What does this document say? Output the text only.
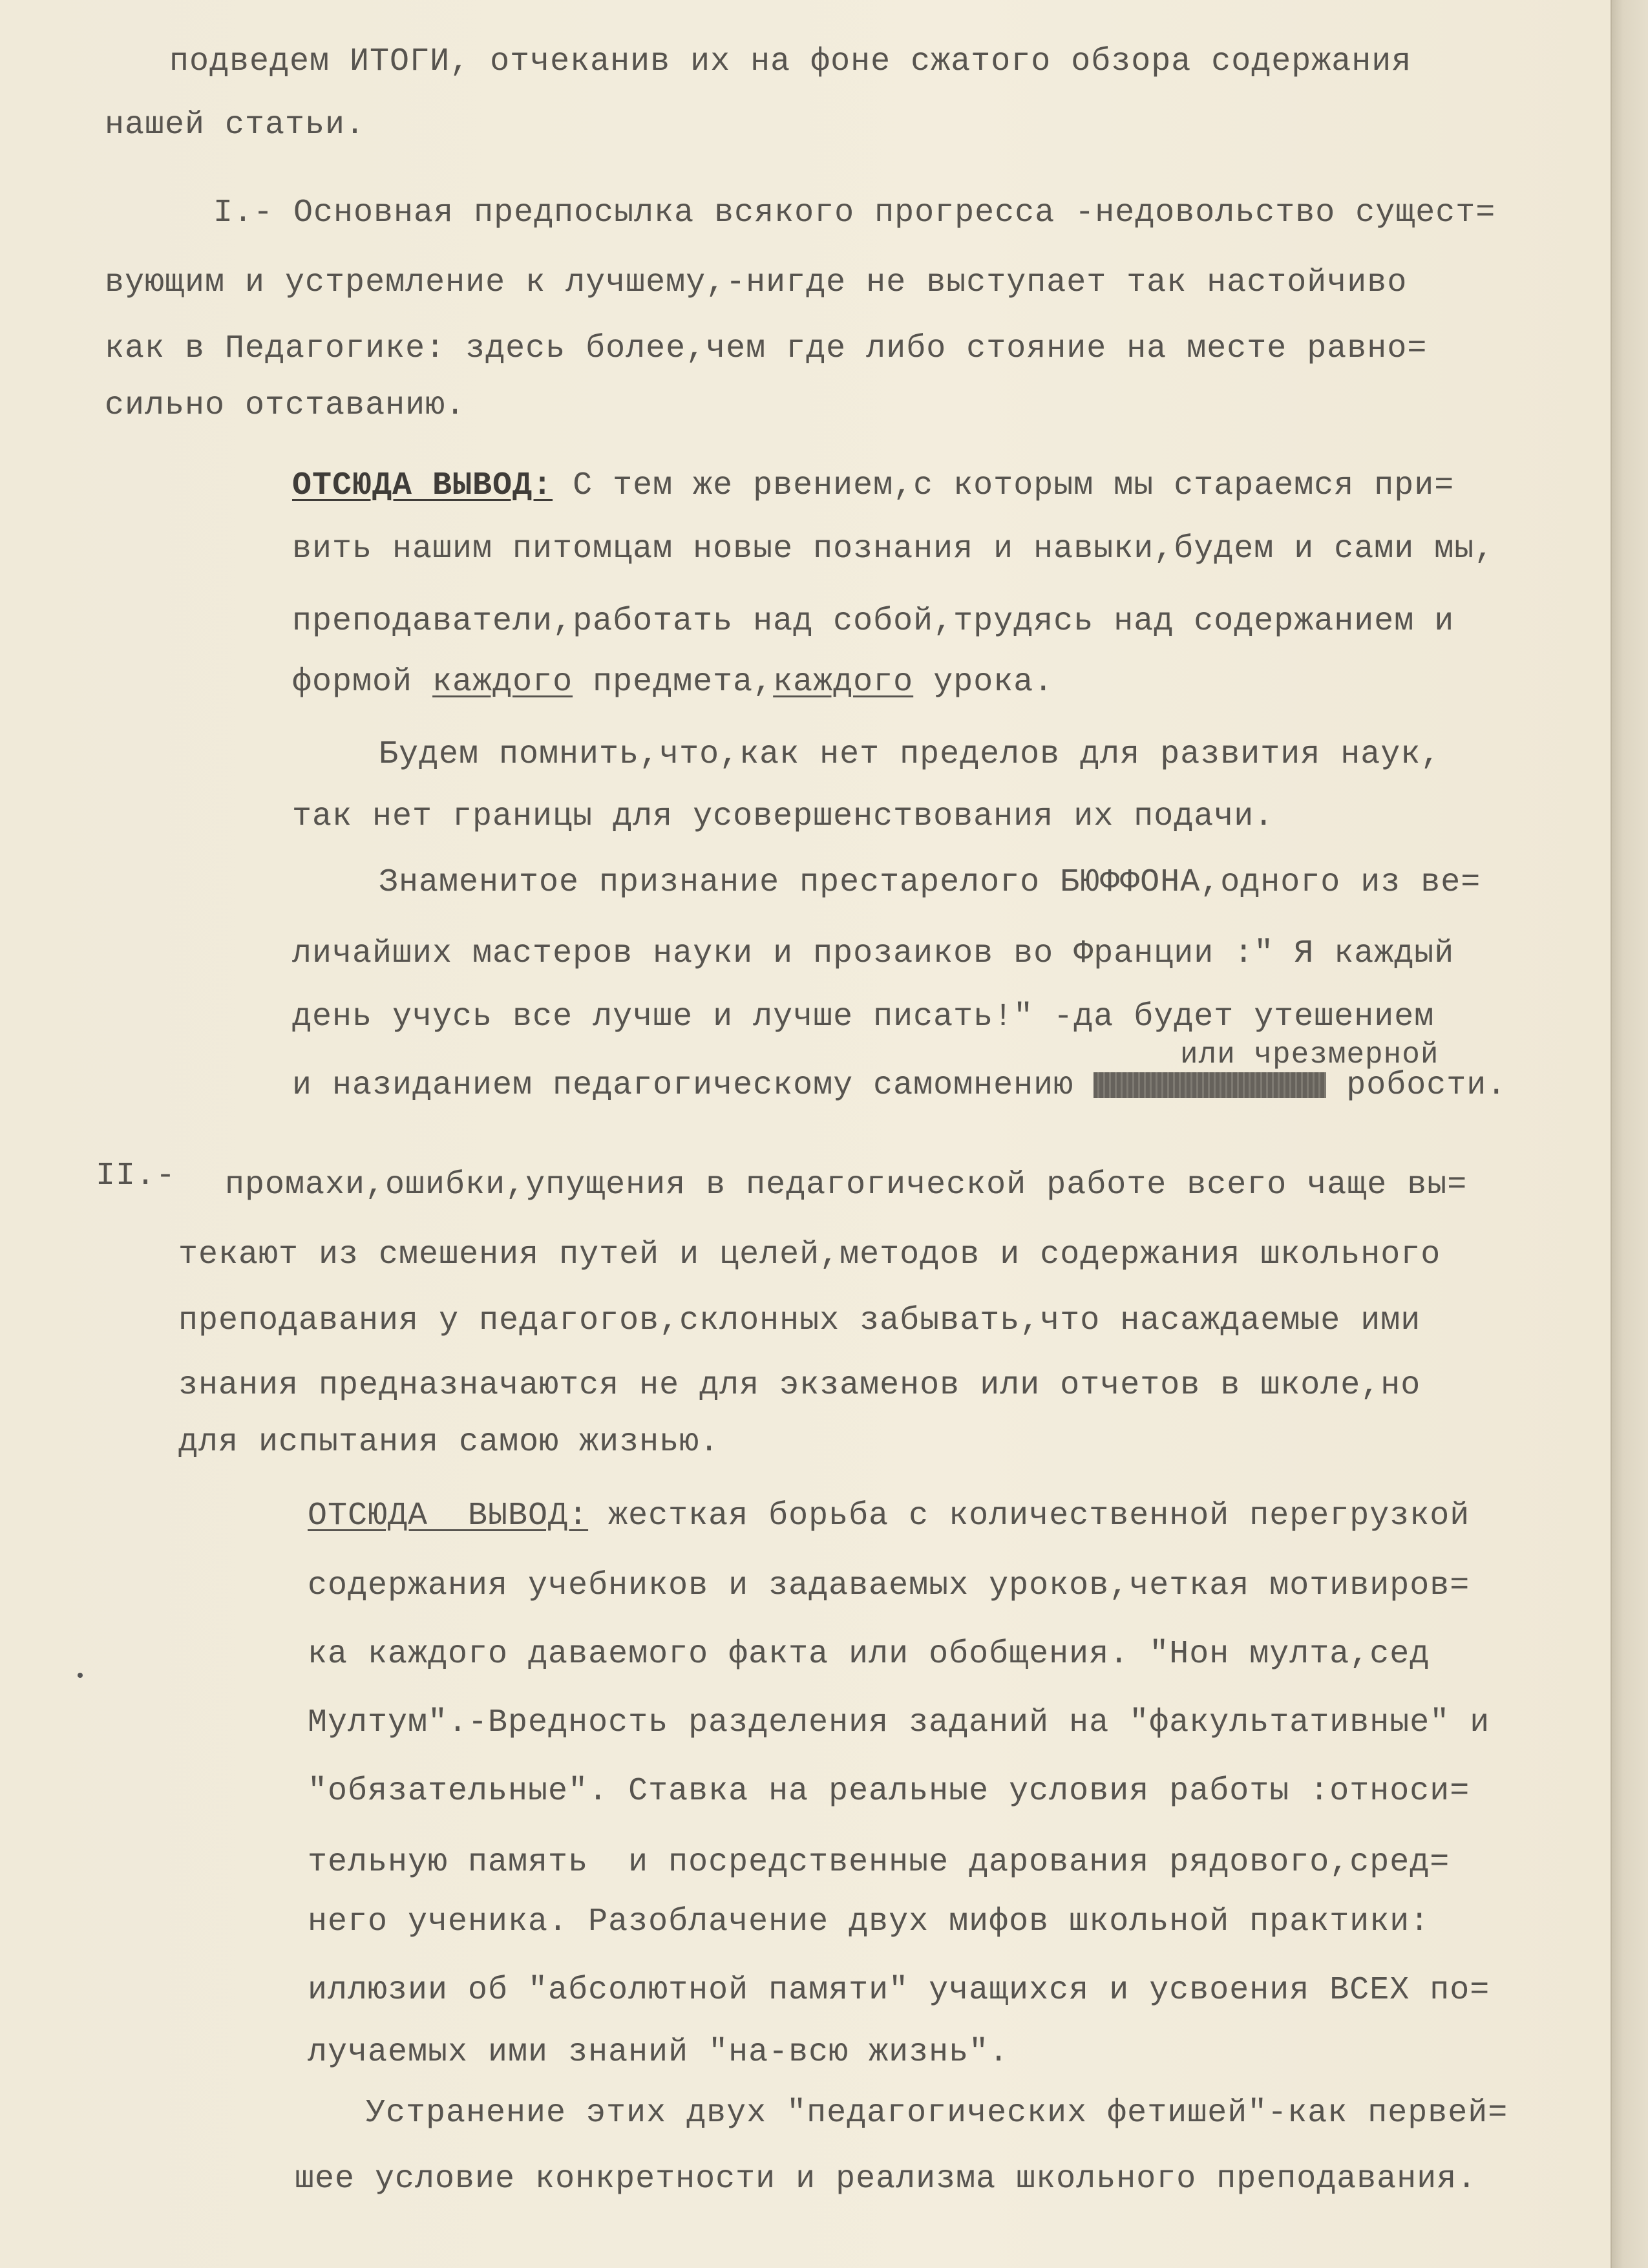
подведем ИТОГИ, отчеканив их на фоне сжатого обзора содержания
нашей статьи.
I.- Основная предпосылка всякого прогресса -недовольство сущест=
вующим и устремление к лучшему,-нигде не выступает так настойчиво
как в Педагогике: здесь более,чем где либо стояние на месте равно=
сильно отставанию.
ОТСЮДА ВЫВОД: С тем же рвением,с которым мы стараемся при=
вить нашим питомцам новые познания и навыки,будем и сами мы,
преподаватели,работать над собой,трудясь над содержанием и
формой каждого предмета,каждого урока.
Будем помнить,что,как нет пределов для развития наук,
так нет границы для усовершенствования их подачи.
Знаменитое признание престарелого БЮФФОНА,одного из ве=
личайших мастеров науки и прозаиков во Франции :" Я каждый
день учусь все лучше и лучше писать!" -да будет утешением
или чрезмерной
и назиданием педагогическому самомнению	робости.
II.- промахи,ошибки,упущения в педагогической работе всего чаще вы=
текают из смешения путей и целей,методов и содержания школьного
преподавания у педагогов,склонных забывать,что насаждаемые ими
знания предназначаются не для экзаменов или отчетов в школе,но
для испытания самою жизнью.
ОТСЮДА  ВЫВОД: жесткая борьба с количественной перегрузкой
содержания учебников и задаваемых уроков,четкая мотивиров=
ка каждого даваемого факта или обобщения. "Нон мулта,сед
Мултум".-Вредность разделения заданий на "факультативные" и
"обязательные". Ставка на реальные условия работы :относи=
тельную память  и посредственные дарования рядового,сред=
него ученика. Разоблачение двух мифов школьной практики:
иллюзии об "абсолютной памяти" учащихся и усвоения ВСЕХ по=
лучаемых ими знаний "на-всю жизнь".
Устранение этих двух "педагогических фетишей"-как первей=
шее условие конкретности и реализма школьного преподавания.
